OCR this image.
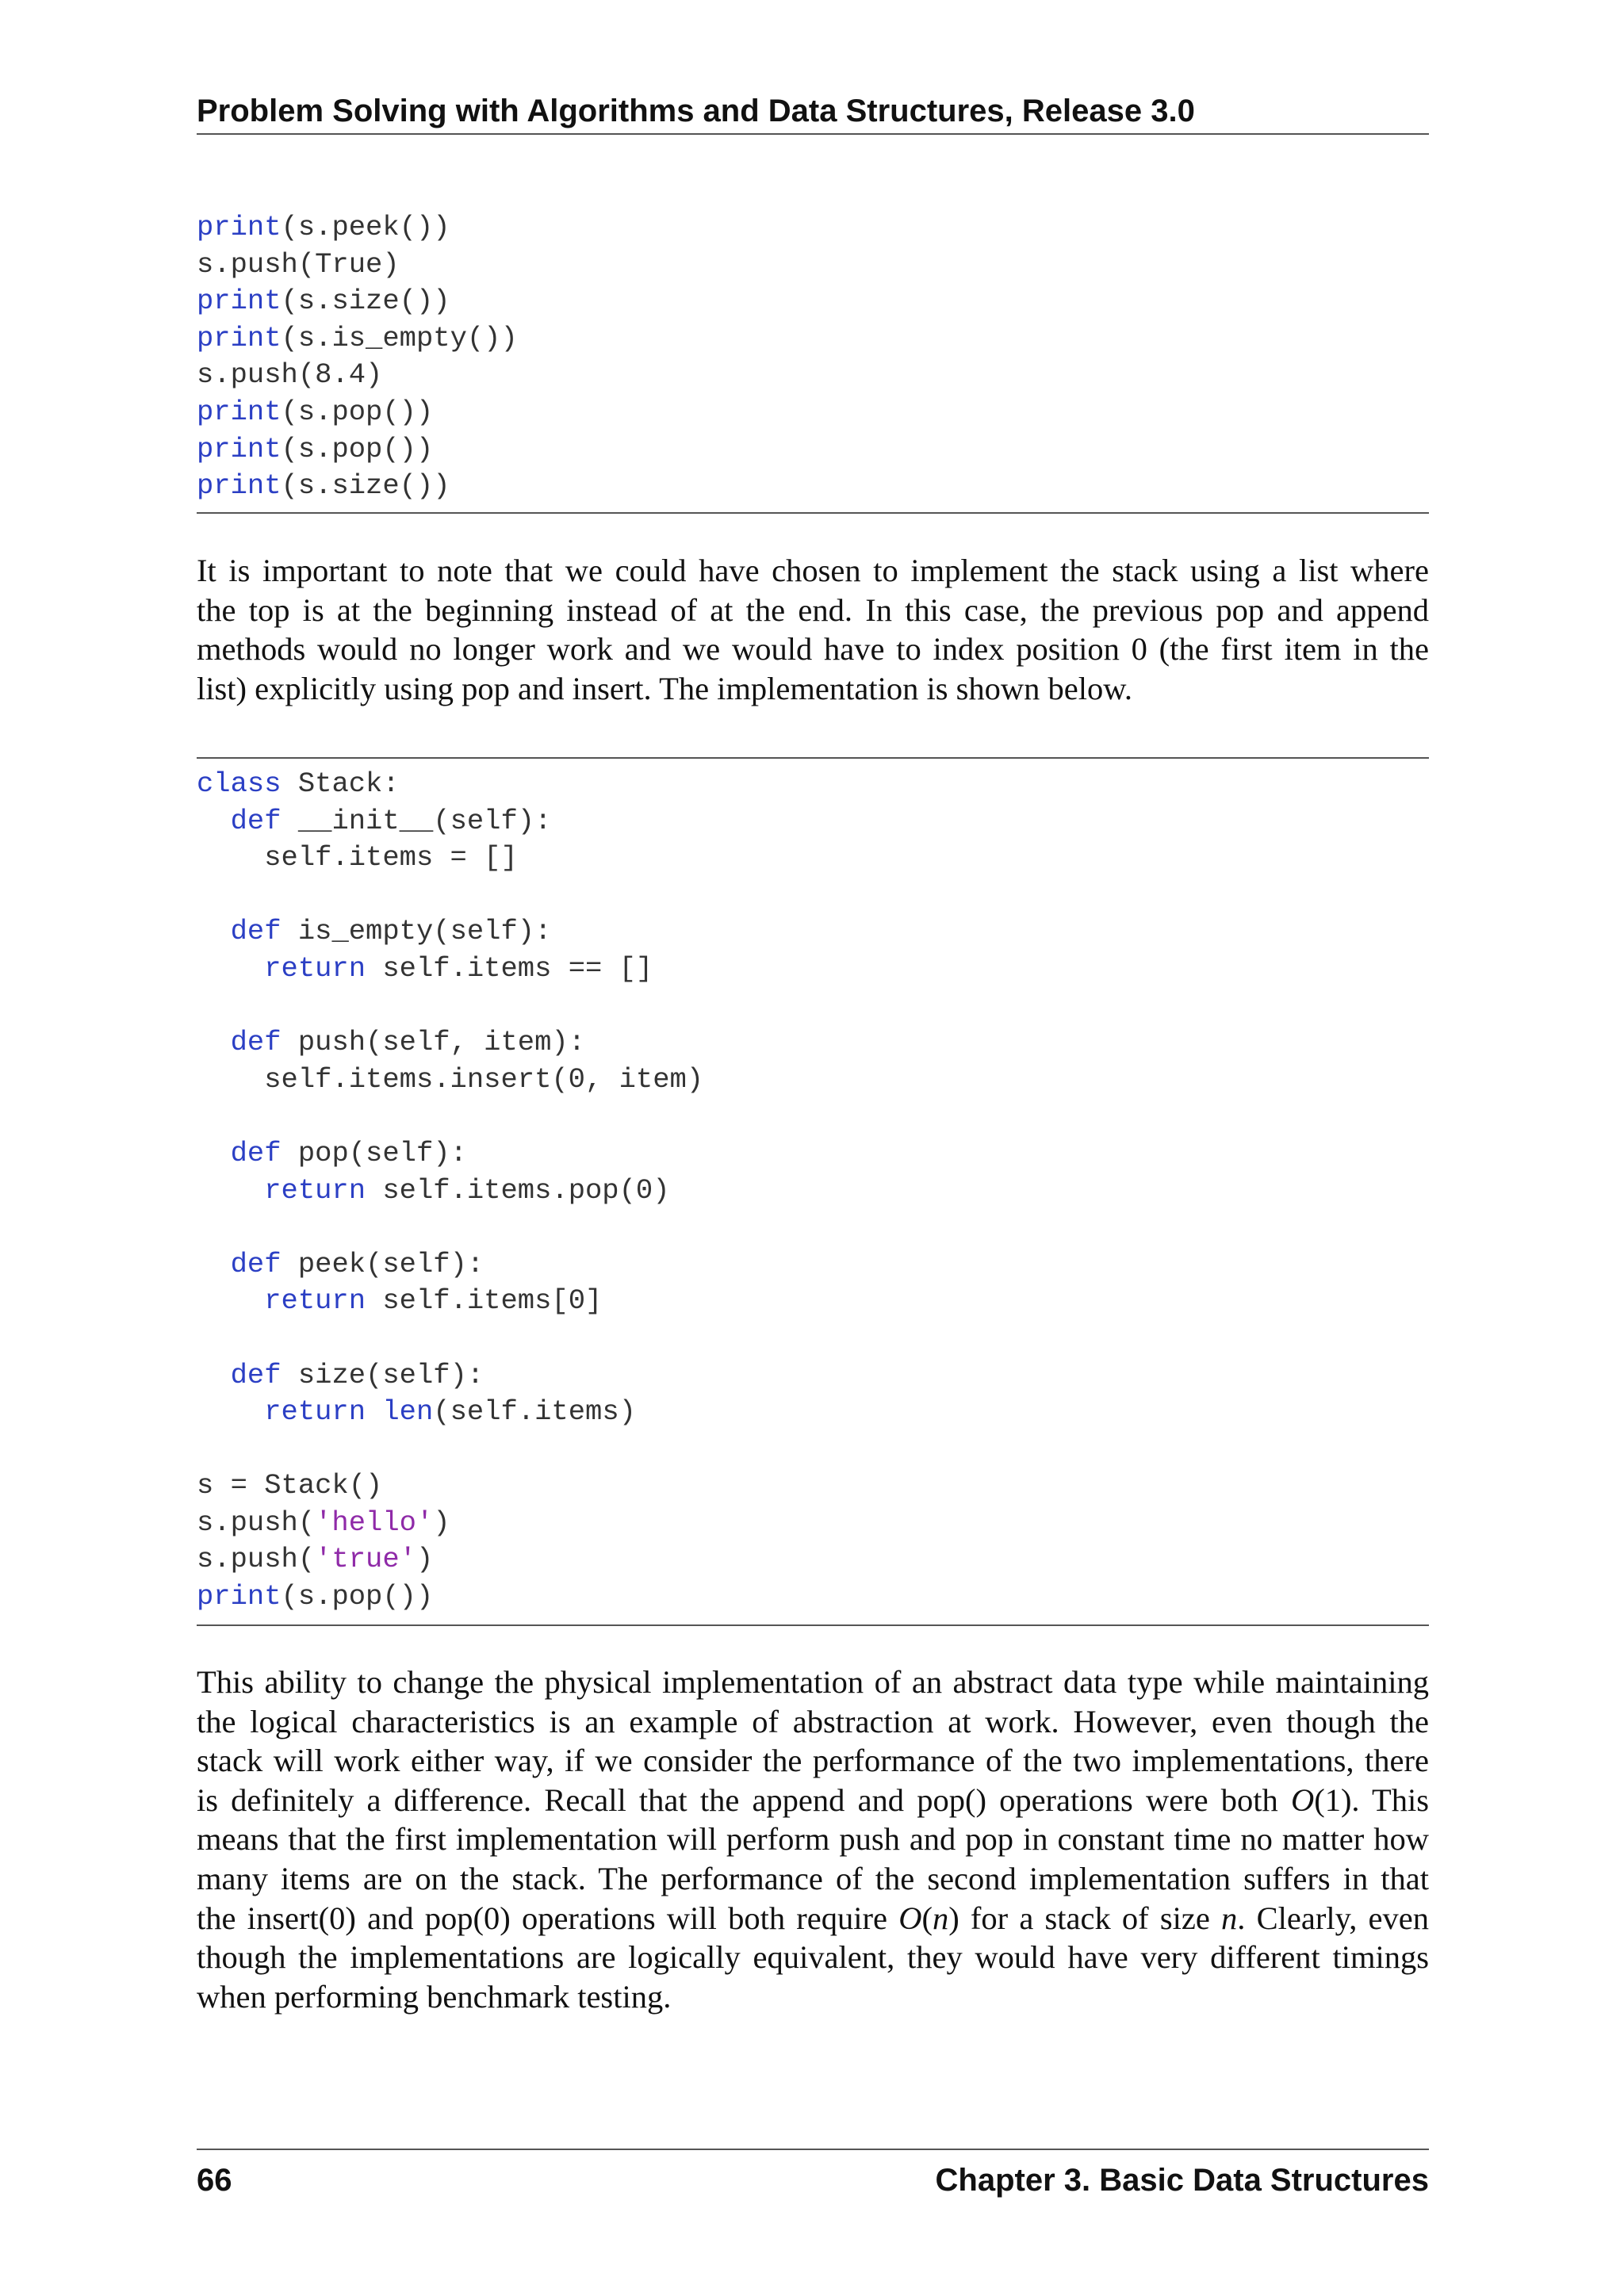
Problem Solving with Algorithms and Data Structures, Release 3.0
print(s.peek())
s.push(True)
print(s.size())
print(s.is_empty())
s.push(8.4)
print(s.pop())
print(s.pop())
print(s.size())
It is important to note that we could have chosen to implement the stack using a list where
the top is at the beginning instead of at the end. In this case, the previous pop and append
methods would no longer work and we would have to index position 0 (the first item in the
list) explicitly using pop and insert. The implementation is shown below.
class Stack:
def __init__(self):
self.items = []
def is_empty(self):
return self.items == []
def push(self, item):
self.items.insert(0, item)
def pop(self):
return self.items.pop(0)
def peek(self):
return self.items[0]
def size(self):
return len(self.items)
s = Stack()
s.push('hello')
s.push('true')
print(s.pop())
This ability to change the physical implementation of an abstract data type while maintaining
the logical characteristics is an example of abstraction at work. However, even though the
stack will work either way, if we consider the performance of the two implementations, there
is definitely a difference. Recall that the append and pop() operations were both O(1). This
means that the first implementation will perform push and pop in constant time no matter how
many items are on the stack. The performance of the second implementation suffers in that
the insert(0) and pop(0) operations will both require O(n) for a stack of size n. Clearly, even
though the implementations are logically equivalent, they would have very different timings
when performing benchmark testing.
66	Chapter 3. Basic Data Structures
